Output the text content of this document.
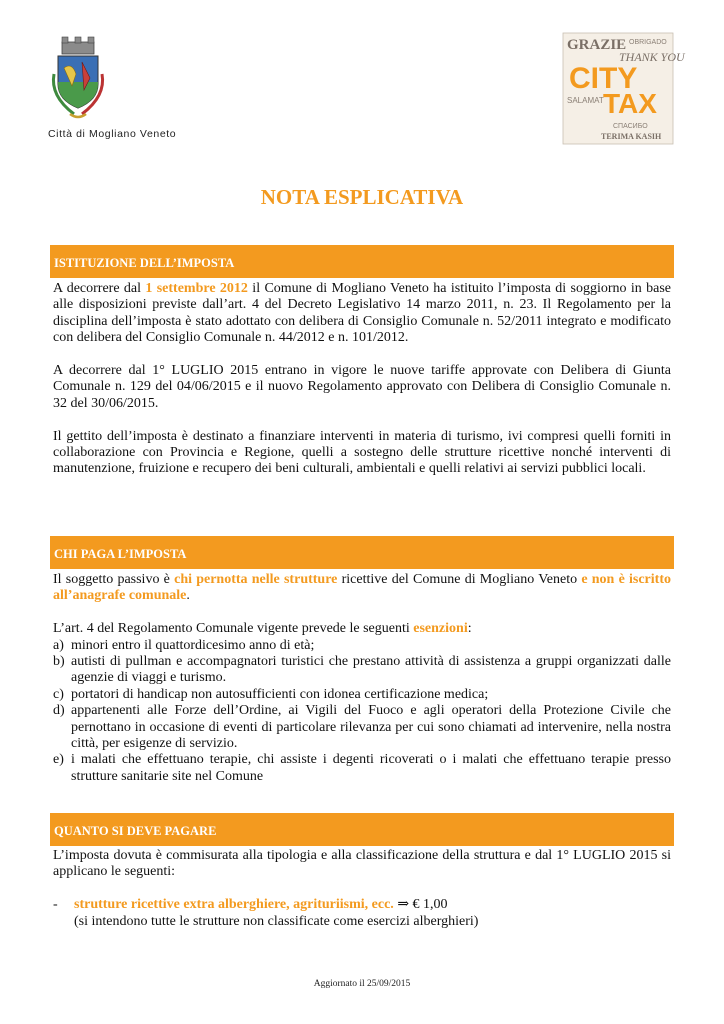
Città di Mogliano Veneto
GRAZIE OBRIGADO
THANK YOU
CITY
TAX
SALAMAT
СПАСИБО
TERIMA KASIH
NOTA ESPLICATIVA
ISTITUZIONE DELL’IMPOSTA

A decorrere dal 1 settembre 2012 il Comune di Mogliano Veneto ha istituito l’imposta di soggiorno in base alle disposizioni previste dall’art. 4 del Decreto Legislativo 14 marzo 2011, n. 23. Il Regolamento per la disciplina dell’imposta è stato adottato con delibera di Consiglio Comunale n. 52/2011 integrato e modificato con delibera del Consiglio Comunale n. 44/2012 e n. 101/2012.

A decorrere dal 1° LUGLIO 2015 entrano in vigore le nuove tariffe approvate con Delibera di Giunta Comunale n. 129 del 04/06/2015 e il nuovo Regolamento approvato con Delibera di Consiglio Comunale n. 32 del 30/06/2015.

Il gettito dell’imposta è destinato a finanziare interventi in materia di turismo, ivi compresi quelli forniti in collaborazione con Provincia e Regione, quelli a sostegno delle strutture ricettive nonché interventi di manutenzione, fruizione e recupero dei beni culturali, ambientali e quelli relativi ai servizi pubblici locali.

CHI PAGA L’IMPOSTA

Il soggetto passivo è chi pernotta nelle strutture ricettive del Comune di Mogliano Veneto e non è iscritto all’anagrafe comunale.

L’art. 4 del Regolamento Comunale vigente prevede le seguenti esenzioni:

a) minori entro il quattordicesimo anno di età;
b) autisti di pullman e accompagnatori turistici che prestano attività di assistenza a gruppi organizzati dalle agenzie di viaggi e turismo.
c) portatori di handicap non autosufficienti con idonea certificazione medica;
d) appartenenti alle Forze dell’Ordine, ai Vigili del Fuoco e agli operatori della Protezione Civile che pernottano in occasione di eventi di particolare rilevanza per cui sono chiamati ad intervenire, nella nostra città, per esigenze di servizio.
e) i malati che effettuano terapie, chi assiste i degenti ricoverati o i malati che effettuano terapie presso strutture sanitarie site nel Comune
QUANTO SI DEVE PAGARE

L’imposta dovuta è commisurata alla tipologia e alla classificazione della struttura e dal 1° LUGLIO 2015 si applicano le seguenti:

- strutture ricettive extra alberghiere, agrituriismi, ecc. ⇒ € 1,00
(si intendono tutte le strutture non classificate come esercizi alberghieri)
Aggiornato il 25/09/2015
